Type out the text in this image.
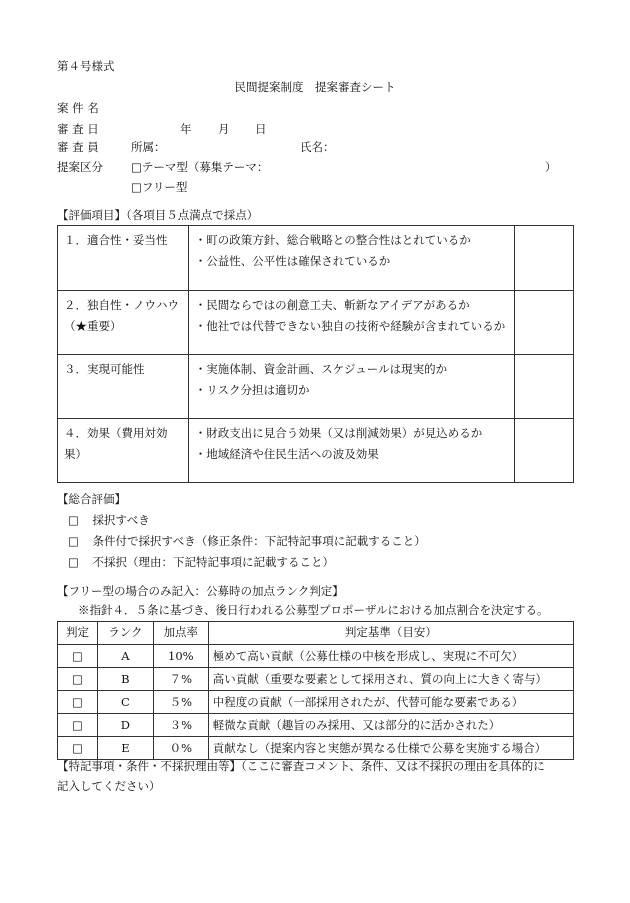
第４号様式
民間提案制度　提案審査シート
案 件 名
審 査 日	年 月 日
審 査 員	所属：	氏名：
提案区分 □テーマ型（募集テーマ：	）
□フリー型
【評価項目】（各項目５点満点で採点）
１．適合性・妥当性	・町の政策方針、総合戦略との整合性はとれているか
・公益性、公平性は確保されているか	

２．独自性・ノウハウ
（★重要）	・民間ならではの創意工夫、斬新なアイデアがあるか
・他社では代替できない独自の技術や経験が含まれているか	
３．実現可能性	・実施体制、資金計画、スケジュールは現実的か
・リスク分担は適切か	

４．効果（費用対効果）	・財政支出に見合う効果（又は削減効果）が見込めるか
・地域経済や住民生活への波及効果	

【総合評価】
□ 採択すべき
□ 条件付で採択すべき（修正条件：下記特記事項に記載すること）
□ 不採択（理由：下記特記事項に記載すること）
【フリー型の場合のみ記入：公募時の加点ランク判定】
※指針４．５条に基づき、後日行われる公募型プロポーザルにおける加点割合を決定する。
判定	ランク	加点率	判定基準（目安）
□	A	10%	極めて高い貢献（公募仕様の中核を形成し、実現に不可欠）
□	B	７%	高い貢献（重要な要素として採用され、質の向上に大きく寄与）
□	C	５%	中程度の貢献（一部採用されたが、代替可能な要素である）
□	D	３%	軽微な貢献（趣旨のみ採用、又は部分的に活かされた）
□	E	０%	貢献なし（提案内容と実態が異なる仕様で公募を実施する場合）
【特記事項・条件・不採択理由等】（ここに審査コメント、条件、又は不採択の理由を具体的に
記入してください）
